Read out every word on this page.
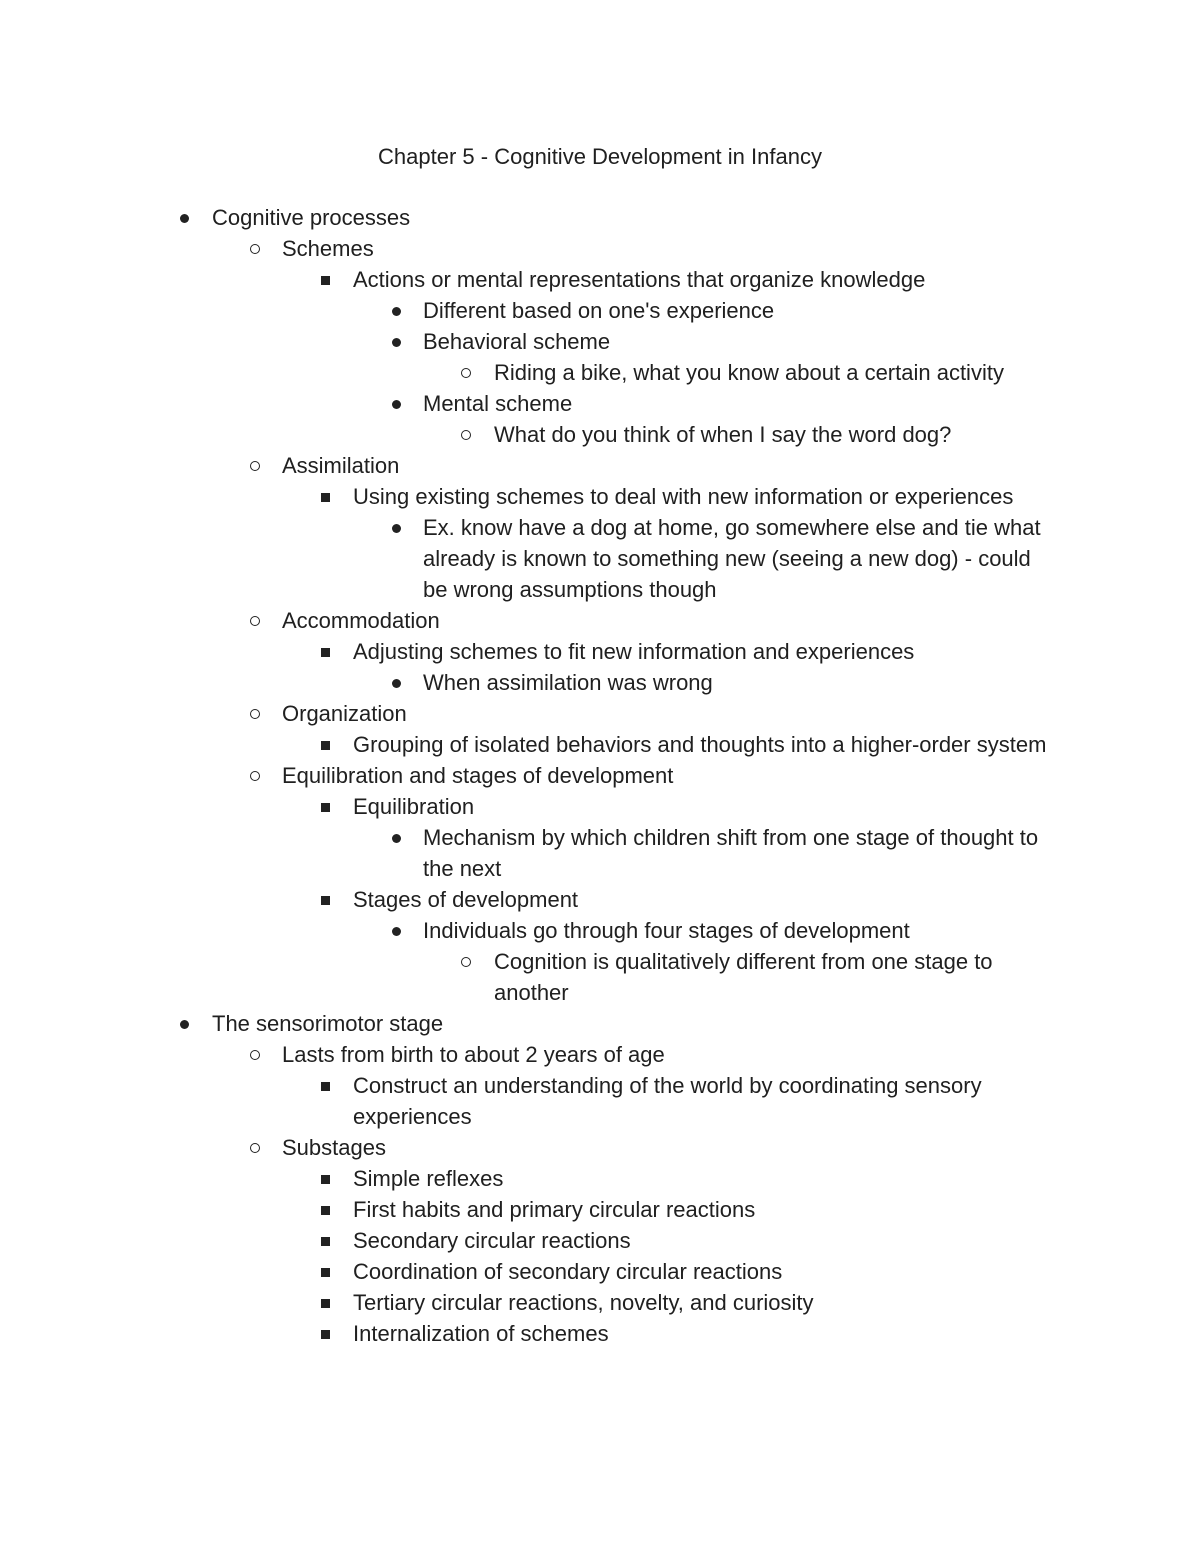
Chapter 5 - Cognitive Development in Infancy
Cognitive processes
Schemes
Actions or mental representations that organize knowledge
Different based on one's experience
Behavioral scheme
Riding a bike, what you know about a certain activity
Mental scheme
What do you think of when I say the word dog?
Assimilation
Using existing schemes to deal with new information or experiences
Ex. know have a dog at home, go somewhere else and tie what already is known to something new (seeing a new dog) - could be wrong assumptions though
Accommodation
Adjusting schemes to fit new information and experiences
When assimilation was wrong
Organization
Grouping of isolated behaviors and thoughts into a higher-order system
Equilibration and stages of development
Equilibration
Mechanism by which children shift from one stage of thought to the next
Stages of development
Individuals go through four stages of development
Cognition is qualitatively different from one stage to another
The sensorimotor stage
Lasts from birth to about 2 years of age
Construct an understanding of the world by coordinating sensory experiences
Substages
Simple reflexes
First habits and primary circular reactions
Secondary circular reactions
Coordination of secondary circular reactions
Tertiary circular reactions, novelty, and curiosity
Internalization of schemes
